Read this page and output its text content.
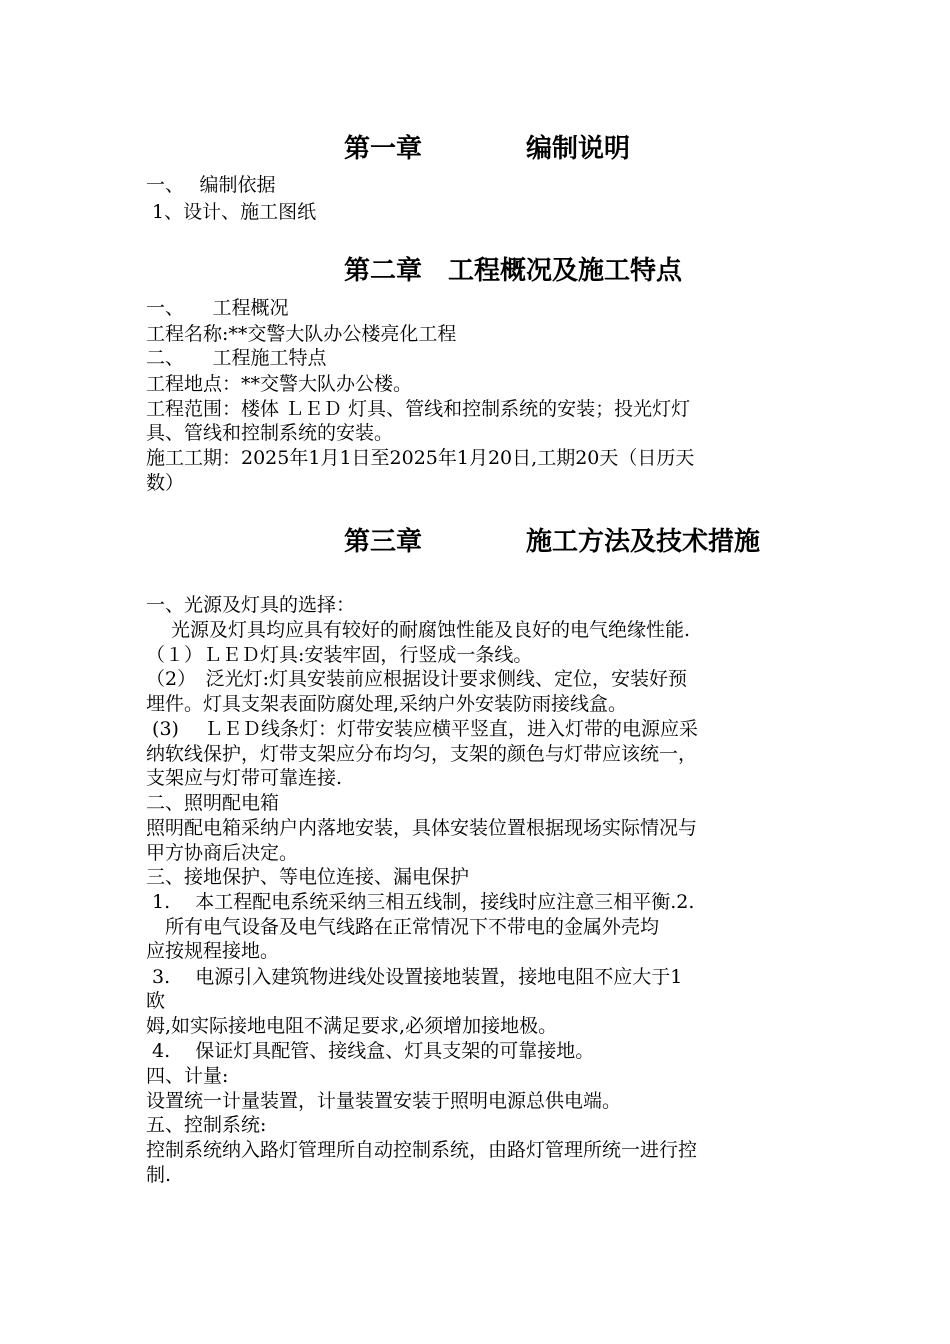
第一章　　　　编制说明

一、　 编制依据

1、设计、施工图纸

第二章　工程概况及施工特点

一、　　工程概况

工程名称:**交警大队办公楼亮化工程

二、　　工程施工特点

工程地点：**交警大队办公楼。

工程范围：楼体 ＬＥＤ 灯具、管线和控制系统的安装；投光灯灯

具、管线和控制系统的安装。

施工工期：2025年1月1日至2025年1月20日,工期20天（日历天

数）

第三章　　　　施工方法及技术措施

一、光源及灯具的选择：

　 光源及灯具均应具有较好的耐腐蚀性能及良好的电气绝缘性能.

（１）ＬＥＤ灯具:安装牢固，行竖成一条线。

（2）　泛光灯:灯具安装前应根据设计要求侧线、定位，安装好预

埋件。灯具支架表面防腐处理,采纳户外安装防雨接线盒。

(3)　 ＬＥＤ线条灯：灯带安装应横平竖直，进入灯带的电源应采

纳软线保护，灯带支架应分布均匀，支架的颜色与灯带应该统一，

支架应与灯带可靠连接.

二、照明配电箱

照明配电箱采纳户内落地安装，具体安装位置根据现场实际情况与

甲方协商后决定。

三、接地保护、等电位连接、漏电保护

1.　 本工程配电系统采纳三相五线制，接线时应注意三相平衡.2.

　所有电气设备及电气线路在正常情况下不带电的金属外壳均

应按规程接地。

3.　 电源引入建筑物进线处设置接地装置，接地电阻不应大于1

欧

姆,如实际接地电阻不满足要求,必须增加接地极。

4.　 保证灯具配管、接线盒、灯具支架的可靠接地。

四、计量:

设置统一计量装置，计量装置安装于照明电源总供电端。

五、控制系统:

控制系统纳入路灯管理所自动控制系统，由路灯管理所统一进行控

制.
